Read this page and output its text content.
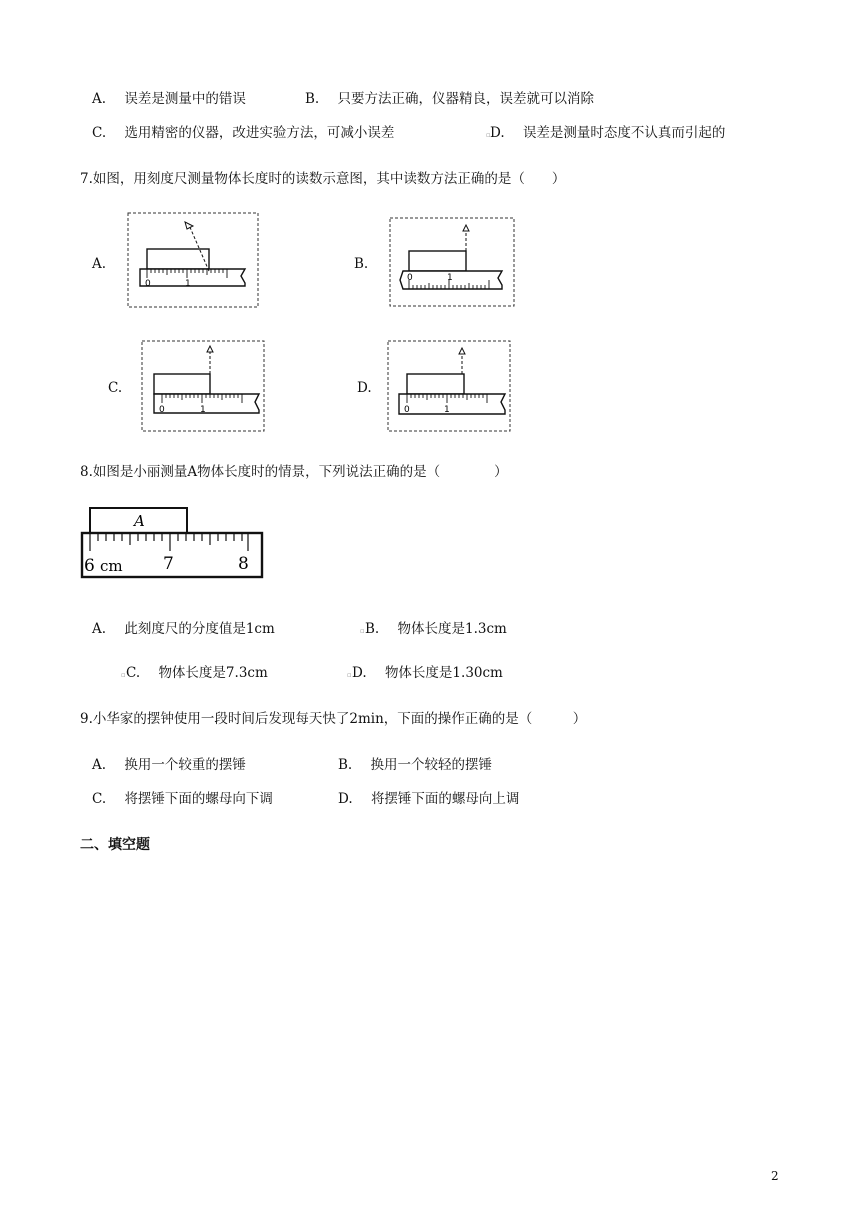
A. 误差是测量中的错误	B. 只要方法正确，仪器精良，误差就可以消除
C. 选用精密的仪器，改进实验方法，可减小误差	▫ D. 误差是测量时态度不认真而引起的
7.如图，用刻度尺测量物体长度时的读数示意图，其中读数方法正确的是（　　）
A.	B.
C.	D.
0	1
0	1
0	1	0	1
8.如图是小丽测量A物体长度时的情景，下列说法正确的是（　　　　）
A
6 cm 7	8
A. 此刻度尺的分度值是1cm	▫ B. 物体长度是1.3cm
▫ C. 物体长度是7.3cm	▫ D. 物体长度是1.30cm
9.小华家的摆钟使用一段时间后发现每天快了2min，下面的操作正确的是（　　　）
A. 换用一个较重的摆锤	B. 换用一个较轻的摆锤
C. 将摆锤下面的螺母向下调	D. 将摆锤下面的螺母向上调
二、填空题
2
